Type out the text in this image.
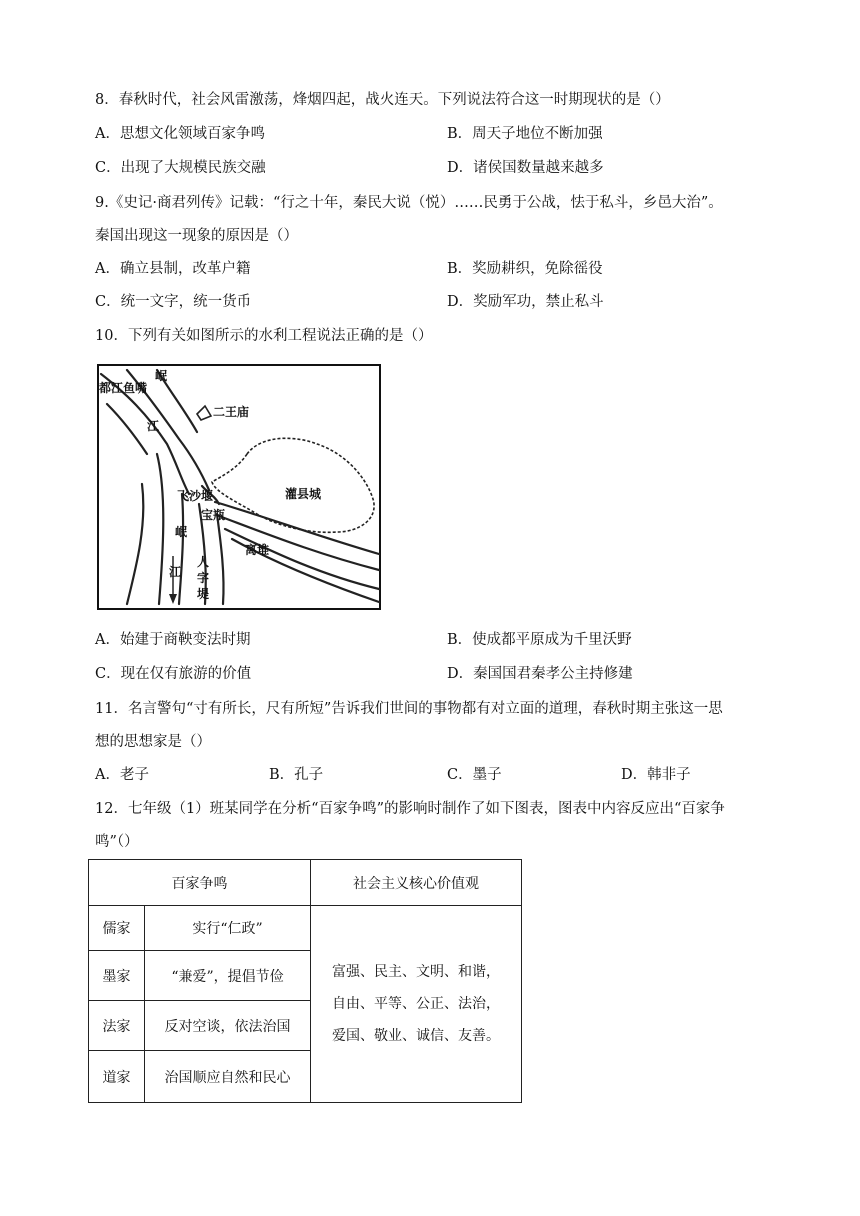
8．春秋时代，社会风雷激荡，烽烟四起，战火连天。下列说法符合这一时期现状的是（）
A．思想文化领域百家争鸣	B．周天子地位不断加强
C．出现了大规模民族交融	D．诸侯国数量越来越多
9.《史记·商君列传》记载：“行之十年，秦民大说（悦）……民勇于公战，怯于私斗，乡邑大治”。
秦国出现这一现象的原因是（）
A．确立县制，改革户籍	B．奖励耕织，免除徭役
C．统一文字，统一货币	D．奖励军功，禁止私斗
10．下列有关如图所示的水利工程说法正确的是（）
岷
都江鱼嘴
二王庙
江
飞沙堰
宝瓶
灌县城
岷
江
离堆
人
字
堤
A．始建于商鞅变法时期	B．使成都平原成为千里沃野
C．现在仅有旅游的价值	D．秦国国君秦孝公主持修建
11．名言警句“寸有所长，尺有所短”告诉我们世间的事物都有对立面的道理，春秋时期主张这一思
想的思想家是（）
A．老子	B．孔子	C．墨子	D．韩非子
12．七年级（1）班某同学在分析“百家争鸣”的影响时制作了如下图表，图表中内容反应出“百家争
鸣”（）
百家争鸣		社会主义核心价值观
儒家	实行“仁政”	富强、民主、文明、和谐，
自由、平等、公正、法治，
爱国、敬业、诚信、友善。

墨家	“兼爱”，提倡节俭	
法家	反对空谈，依法治国	
道家	治国顺应自然和民心	
